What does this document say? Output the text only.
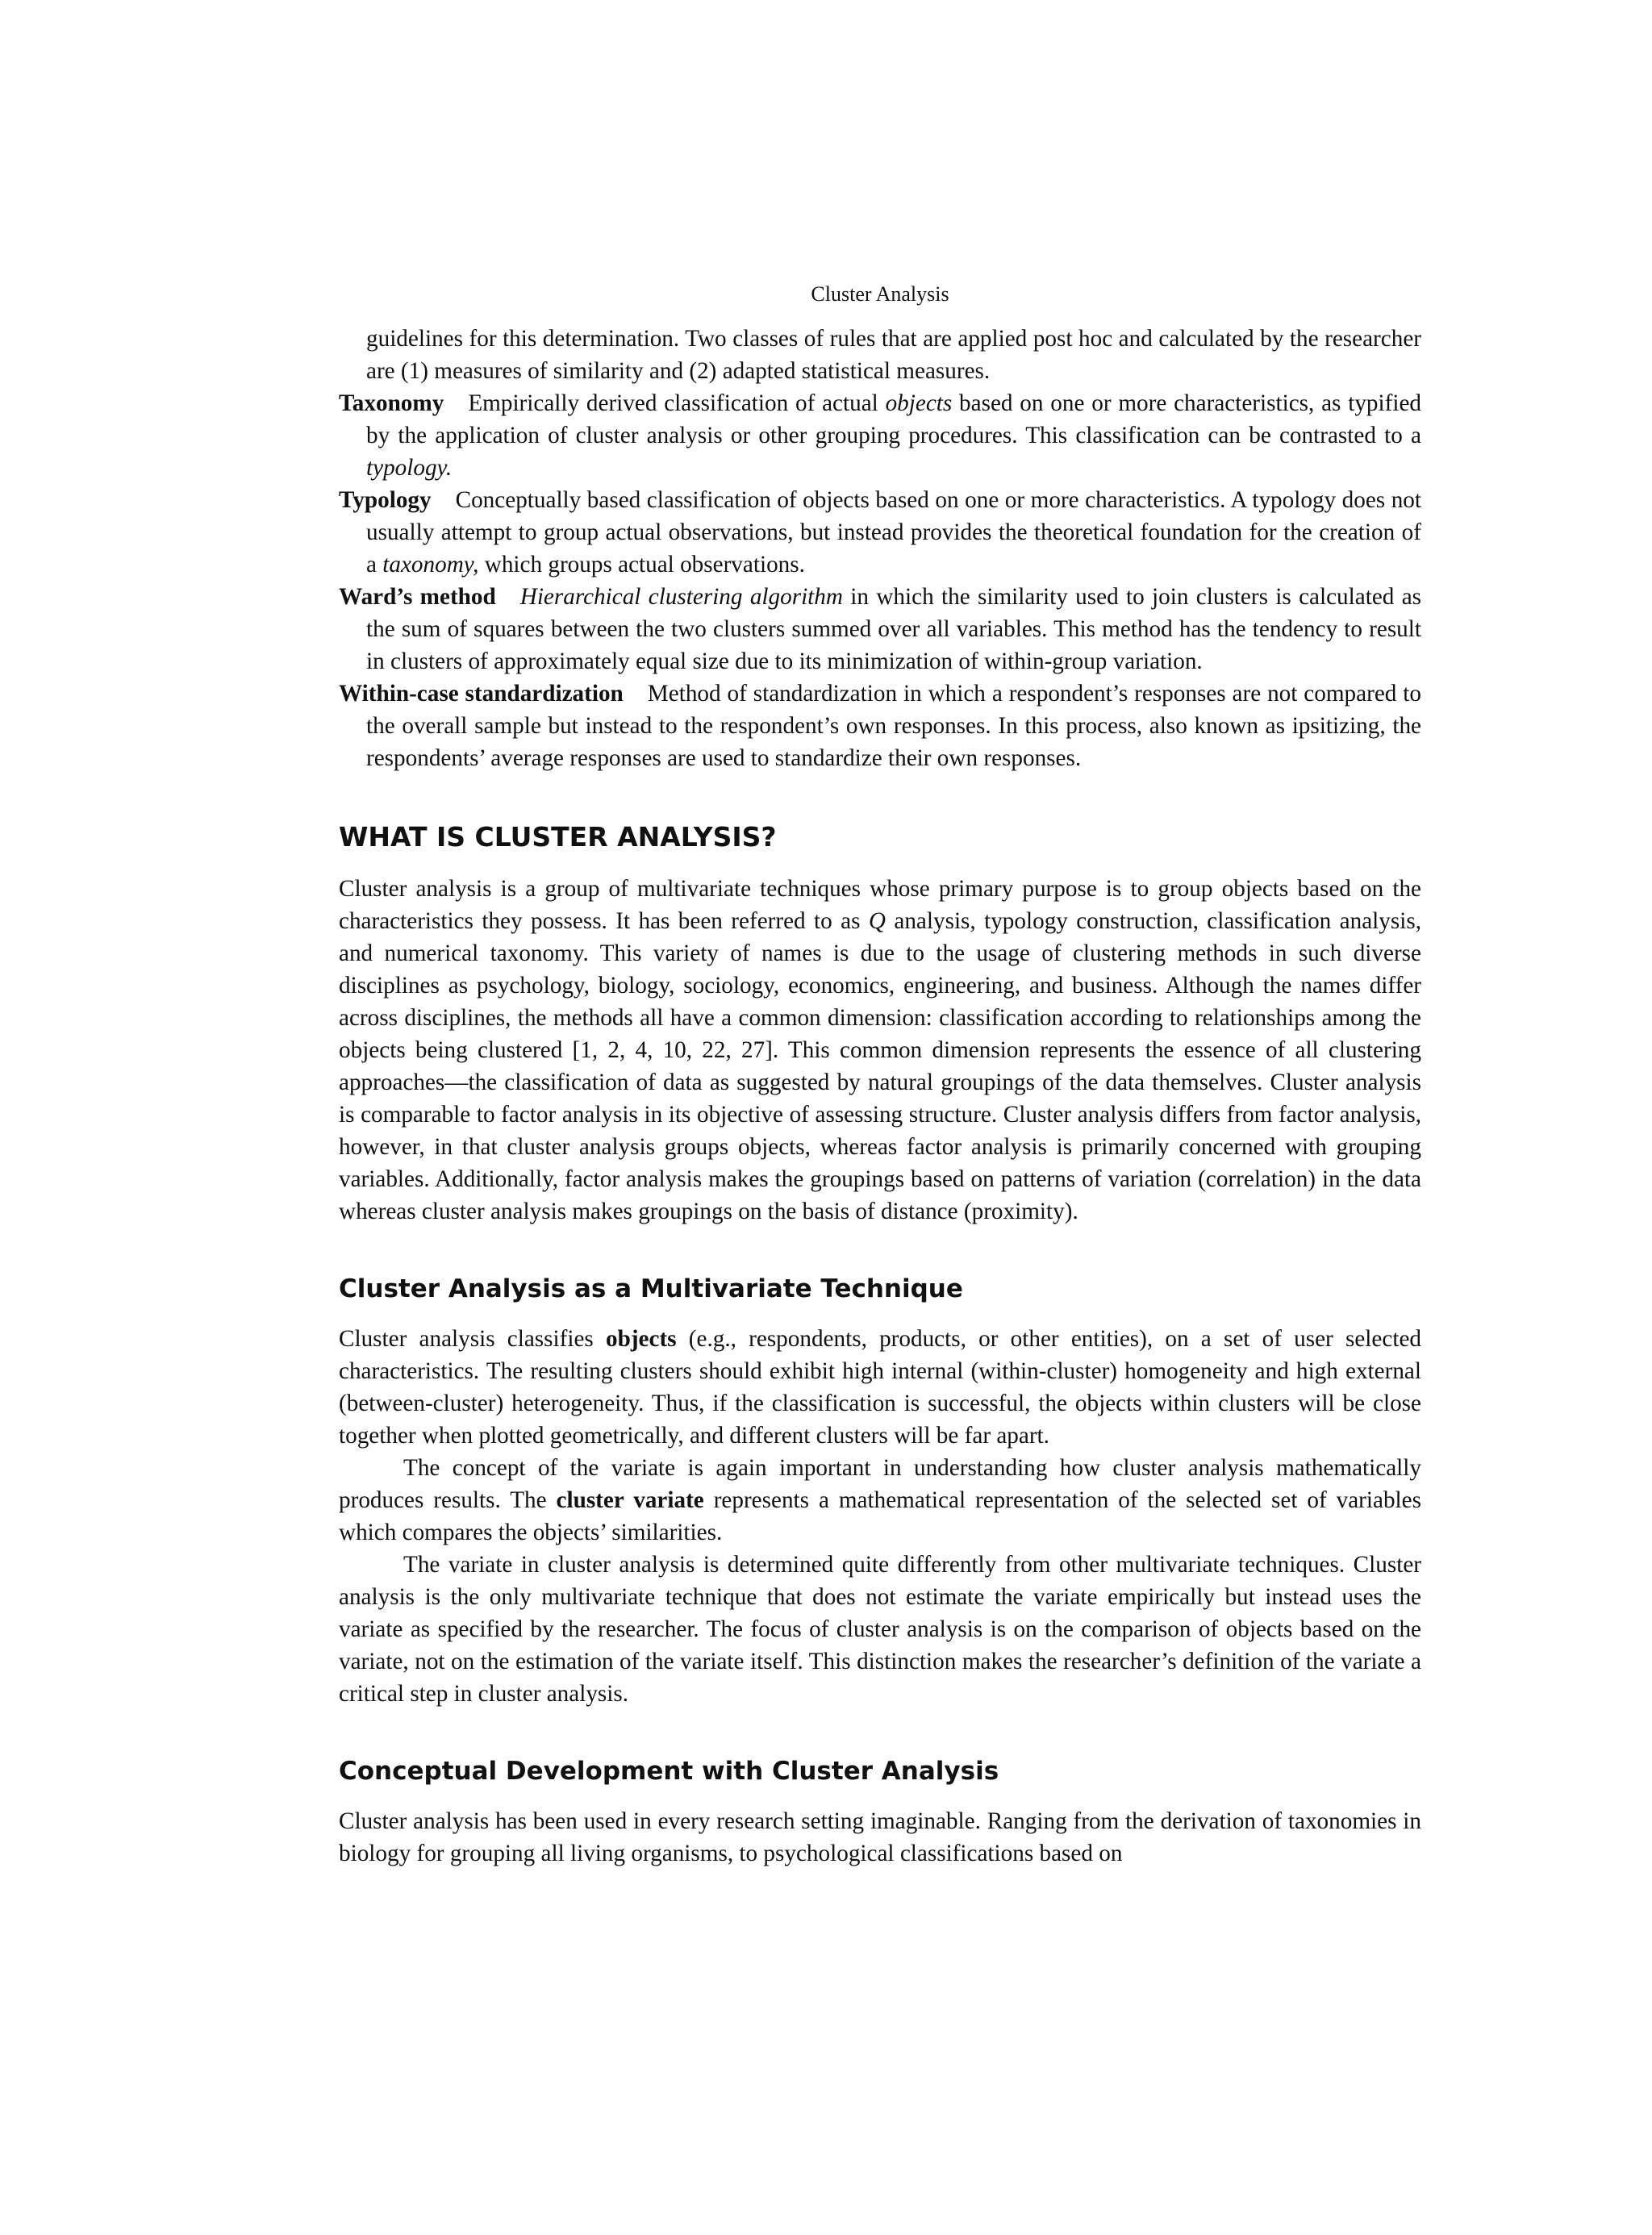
Cluster Analysis

guidelines for this determination. Two classes of rules that are applied post hoc and calculated by the researcher are (1) measures of similarity and (2) adapted statistical measures.

Taxonomy Empirically derived classification of actual objects based on one or more characteristics, as typified by the application of cluster analysis or other grouping procedures. This classification can be contrasted to a typology.

Typology Conceptually based classification of objects based on one or more characteristics. A typology does not usually attempt to group actual observations, but instead provides the theoretical foundation for the creation of a taxonomy, which groups actual observations.

Ward’s method Hierarchical clustering algorithm in which the similarity used to join clusters is calculated as the sum of squares between the two clusters summed over all variables. This method has the tendency to result in clusters of approximately equal size due to its minimization of within-group variation.

Within-case standardization Method of standardization in which a respondent’s responses are not compared to the overall sample but instead to the respondent’s own responses. In this process, also known as ipsitizing, the respondents’ average responses are used to standardize their own responses.

WHAT IS CLUSTER ANALYSIS?

Cluster analysis is a group of multivariate techniques whose primary purpose is to group objects based on the characteristics they possess. It has been referred to as Q analysis, typology construction, classification analysis, and numerical taxonomy. This variety of names is due to the usage of clustering methods in such diverse disciplines as psychology, biology, sociology, economics, engineering, and business. Although the names differ across disciplines, the methods all have a common dimension: classification according to relationships among the objects being clustered [1, 2, 4, 10, 22, 27]. This common dimension represents the essence of all clustering approaches—the classification of data as suggested by natural groupings of the data themselves. Cluster analysis is comparable to factor analysis in its objective of assessing structure. Cluster analysis differs from factor analysis, however, in that cluster analysis groups objects, whereas factor analysis is primarily concerned with grouping variables. Additionally, factor analysis makes the groupings based on patterns of variation (correlation) in the data whereas cluster analysis makes groupings on the basis of distance (proximity).

Cluster Analysis as a Multivariate Technique

Cluster analysis classifies objects (e.g., respondents, products, or other entities), on a set of user selected characteristics. The resulting clusters should exhibit high internal (within-cluster) homogeneity and high external (between-cluster) heterogeneity. Thus, if the classification is successful, the objects within clusters will be close together when plotted geometrically, and different clusters will be far apart.

The concept of the variate is again important in understanding how cluster analysis mathematically produces results. The cluster variate represents a mathematical representation of the selected set of variables which compares the objects’ similarities.

The variate in cluster analysis is determined quite differently from other multivariate techniques. Cluster analysis is the only multivariate technique that does not estimate the variate empirically but instead uses the variate as specified by the researcher. The focus of cluster analysis is on the comparison of objects based on the variate, not on the estimation of the variate itself. This distinction makes the researcher’s definition of the variate a critical step in cluster analysis.

Conceptual Development with Cluster Analysis

Cluster analysis has been used in every research setting imaginable. Ranging from the derivation of taxonomies in biology for grouping all living organisms, to psychological classifications based on
